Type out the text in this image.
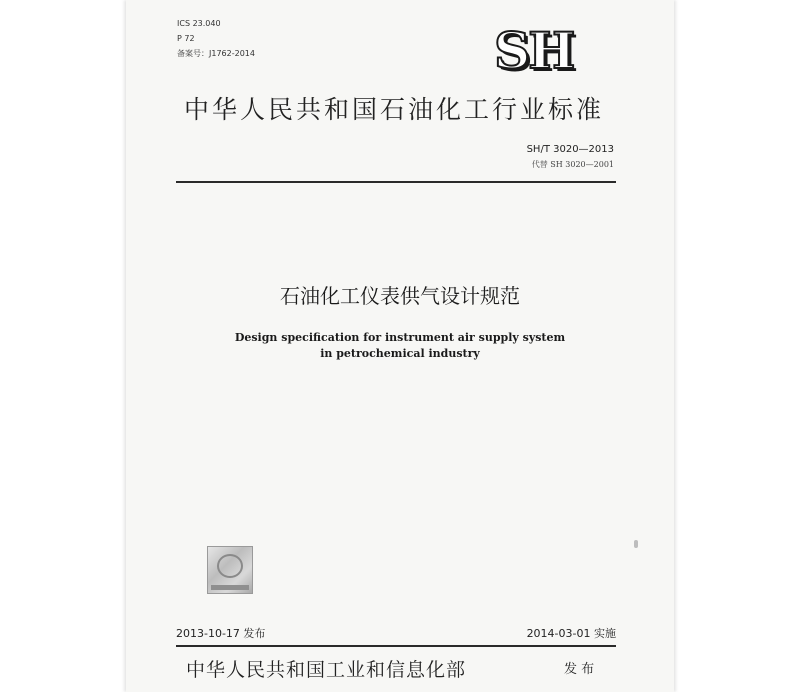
ICS 23.040
P 72
备案号：J1762-2014	SH
中华人民共和国石油化工行业标准
SH/T 3020—2013
代替 SH 3020—2001
石油化工仪表供气设计规范
Design specification for instrument air supply system
in petrochemical industry
2013-10-17 发布	2014-03-01 实施
中华人民共和国工业和信息化部	发 布
